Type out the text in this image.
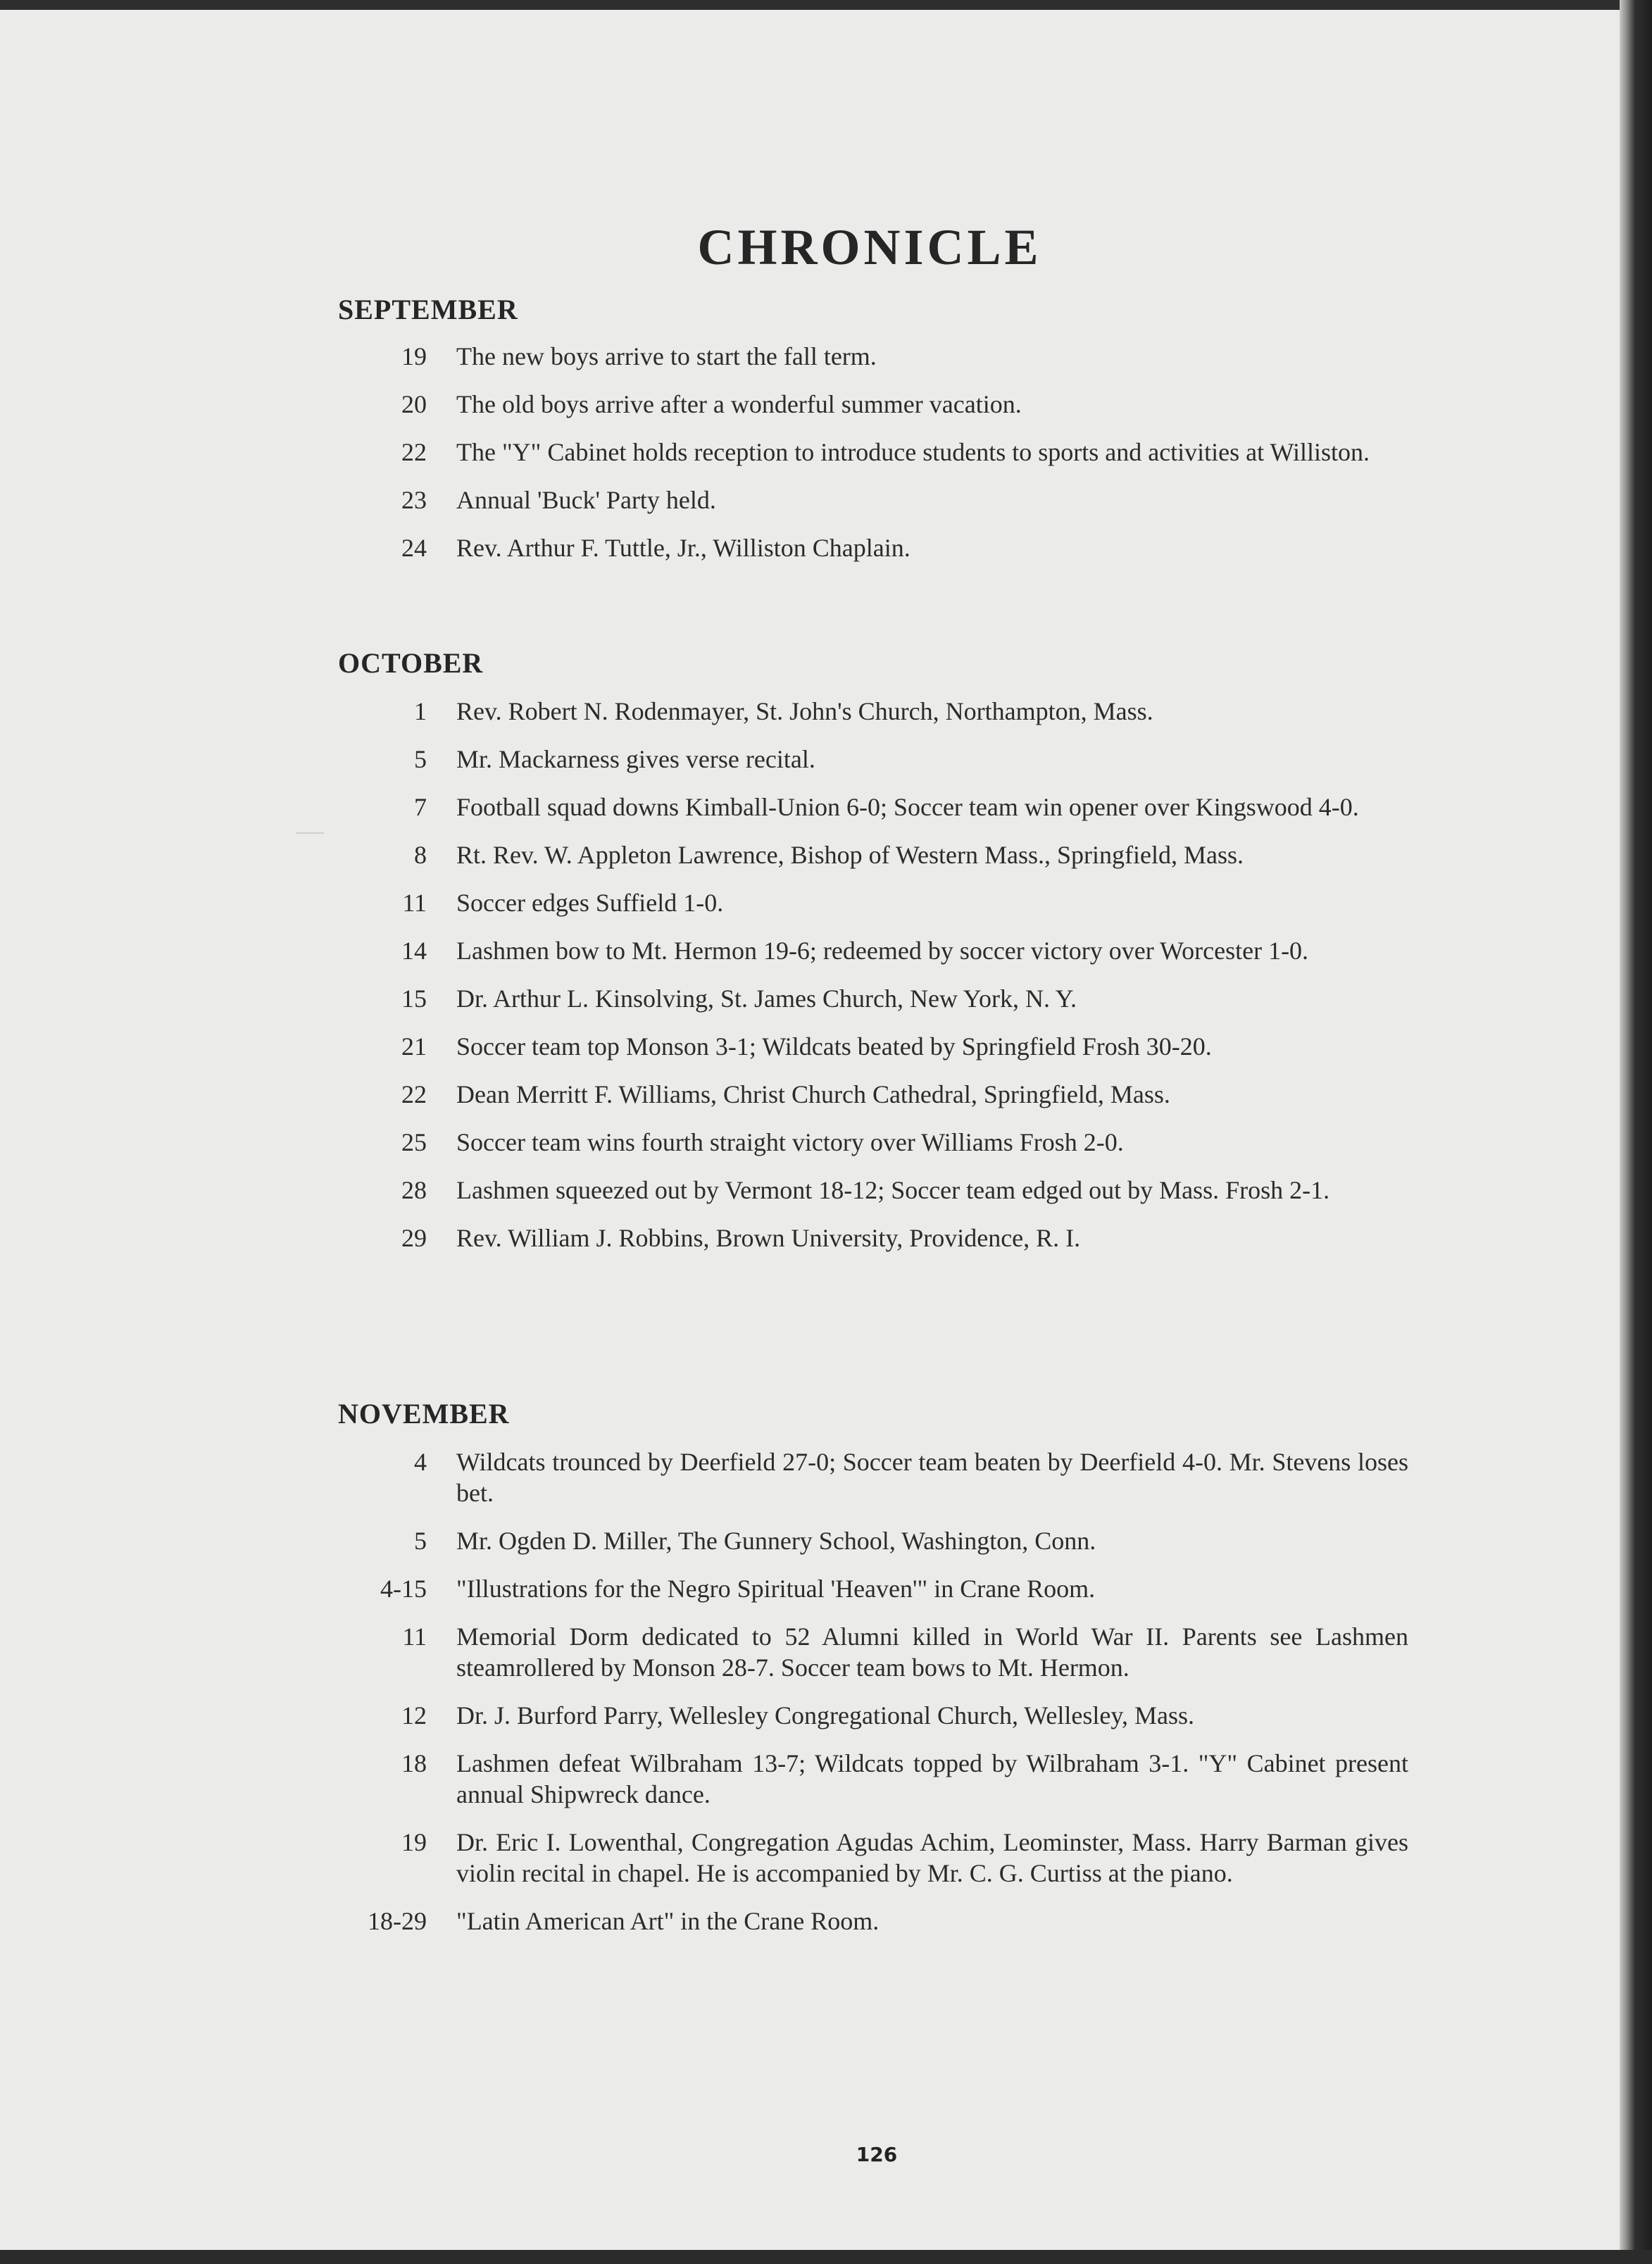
CHRONICLE
SEPTEMBER
19 The new boys arrive to start the fall term.
20 The old boys arrive after a wonderful summer vacation.
22 The "Y" Cabinet holds reception to introduce students to sports and activities at Williston.
23 Annual 'Buck' Party held.
24 Rev. Arthur F. Tuttle, Jr., Williston Chaplain.
OCTOBER
1 Rev. Robert N. Rodenmayer, St. John's Church, Northampton, Mass.
5 Mr. Mackarness gives verse recital.
7 Football squad downs Kimball-Union 6-0; Soccer team win opener over Kingswood 4-0.
8 Rt. Rev. W. Appleton Lawrence, Bishop of Western Mass., Springfield, Mass.
11 Soccer edges Suffield 1-0.
14 Lashmen bow to Mt. Hermon 19-6; redeemed by soccer victory over Worcester 1-0.
15 Dr. Arthur L. Kinsolving, St. James Church, New York, N. Y.
21 Soccer team top Monson 3-1; Wildcats beated by Springfield Frosh 30-20.
22 Dean Merritt F. Williams, Christ Church Cathedral, Springfield, Mass.
25 Soccer team wins fourth straight victory over Williams Frosh 2-0.
28 Lashmen squeezed out by Vermont 18-12; Soccer team edged out by Mass. Frosh 2-1.
29 Rev. William J. Robbins, Brown University, Providence, R. I.
NOVEMBER
4 Wildcats trounced by Deerfield 27-0; Soccer team beaten by Deerfield 4-0. Mr. Stevens loses bet.
5 Mr. Ogden D. Miller, The Gunnery School, Washington, Conn.
4-15 "Illustrations for the Negro Spiritual 'Heaven'" in Crane Room.
11 Memorial Dorm dedicated to 52 Alumni killed in World War II. Parents see Lashmen steamrollered by Monson 28-7. Soccer team bows to Mt. Hermon.
12 Dr. J. Burford Parry, Wellesley Congregational Church, Wellesley, Mass.
18 Lashmen defeat Wilbraham 13-7; Wildcats topped by Wilbraham 3-1. "Y" Cabinet present annual Shipwreck dance.
19 Dr. Eric I. Lowenthal, Congregation Agudas Achim, Leominster, Mass. Harry Barman gives violin recital in chapel. He is accompanied by Mr. C. G. Curtiss at the piano.
18-29 "Latin American Art" in the Crane Room.
126
